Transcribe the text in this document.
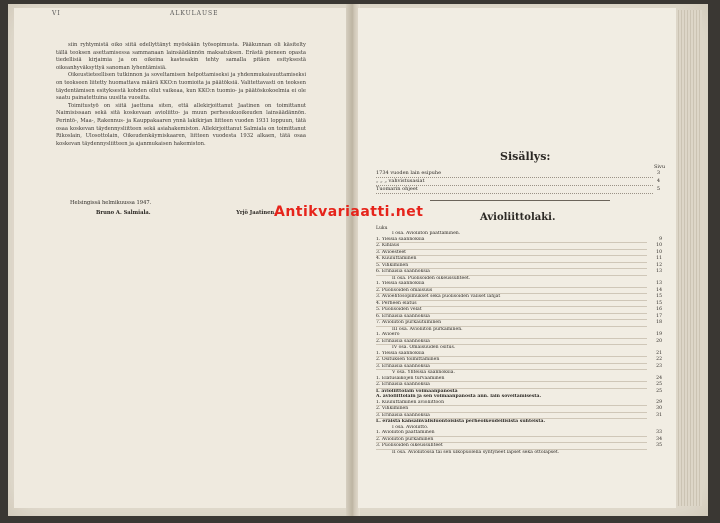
VI	ALKULAUSE

siin ryhtymistä oiko siitä edellyttänyt myöskään työsopimusta. Pääkunnan oli käsitelty tällä teoksen asettamisessa sammanaan lainsäädännön maksatuksen. Erästä pieneen opasta tiedellisiä kirjaimia ja on oikeina kastesakin tehty samalla pitäen esityksestä oikeanhyväksyttyä sanoman lyhentämisiä.

Oikeustieteellisen tutkinnon ja soveltamisen helpottamiseksi ja yhdenmukaisuuttamiseksi on teokseen liitetty huomattava määrä KKO:n tuomioita ja päätöksiä. Valitettavasti on teoksen täydentämisen esityksestä kohden ollut vaikeaa, kun KKO:n tuomio- ja päätöskokoelmia ei ole saatu painatettuina uusilta vuosilta.

Toimitustyö on siitä jaettuna siten, että allekirjoittanut Jaatinen on toimittanut Naimisissaan sekä sitä koskevaan avioliitto- ja muun perhesukuoikeuden lainsäädännön. Perintö-, Maa-, Rakennus- ja Kauppakaaren ynnä lakikirjan liitteen vuoden 1931 loppuun, tätä osaa koskevan täydennysliitteen sekä asiahakemiston. Allekirjoittanut Salmiala on toimittanut Rikoslain, Ulosottolain, Oikeudenkäymiskaaren, liitteen vuodesta 1932 alkaen, tätä osaa koskevan täydennysliitteen ja ajanmukaisen hakemiston.

Helsingissä helmikuussa 1947.
Bruno A. Salmiala.	Yrjö Jaatinen.
Antikvariaatti.net
Sisällys:
Sivu
1734 vuoden lain esipuhe	3
„ „ „ vahvistusasiat	4
Tuomarin ohjeet	5
Avioliittolaki.
Luku
I osa. Avioliiton päättäminen.
1. Yleisiä säännöksiä	9
2. Kihlaus	10
3. Avioesteet	10
4. Kuuluttaminen	11
5. Vihkiminen	12
6. Erinäisiä säännöksiä	13
II osa. Puolisoiden oikeussuhteet.
1. Yleisiä säännöksiä	13
2. Puolisoiden omaisuus	14
3. Avioehtosopimukset sekä puolisoiden väliset lahjat	15
4. Perheen elatus	15
5. Puolisoiden velat	16
6. Erinäisiä säännöksiä	17
7. Avioliiton purkautuminen	18
III osa. Avioliiton purkaminen.
1. Avioero	19
2. Erinäisiä säännöksiä	20
IV osa. Omaisuuden ositus.
1. Yleisiä säännöksiä	21
2. Osituksen toimittaminen	22
3. Erinäisiä säännöksiä	23
V osa. Yhteisiä säännöksiä.
1. Elatusaikojen turvaaminen	24
2. Erinäisiä säännöksiä	25
I. avioliittolain voimaanpanosta	25
A. avioliittolain ja sen voimaanpanosta ann. lain soveltamisesta.
1. Kuuluttaminen avioliittoon	29
2. Vihkiminen	30
3. Erinäisiä säännöksiä	31
L. eräistä kansainvälisluontoisista perheoikeudellisista suhteista.
I osa. Avioliitto.
1. Avioliiton päättäminen	33
2. Avioliiton purkaminen	34
3. Puolisoiden oikeussuhteet	35
II osa. Avioliitossa tai sen ulkopuolella syntyneet lapset sekä ottolapset.
